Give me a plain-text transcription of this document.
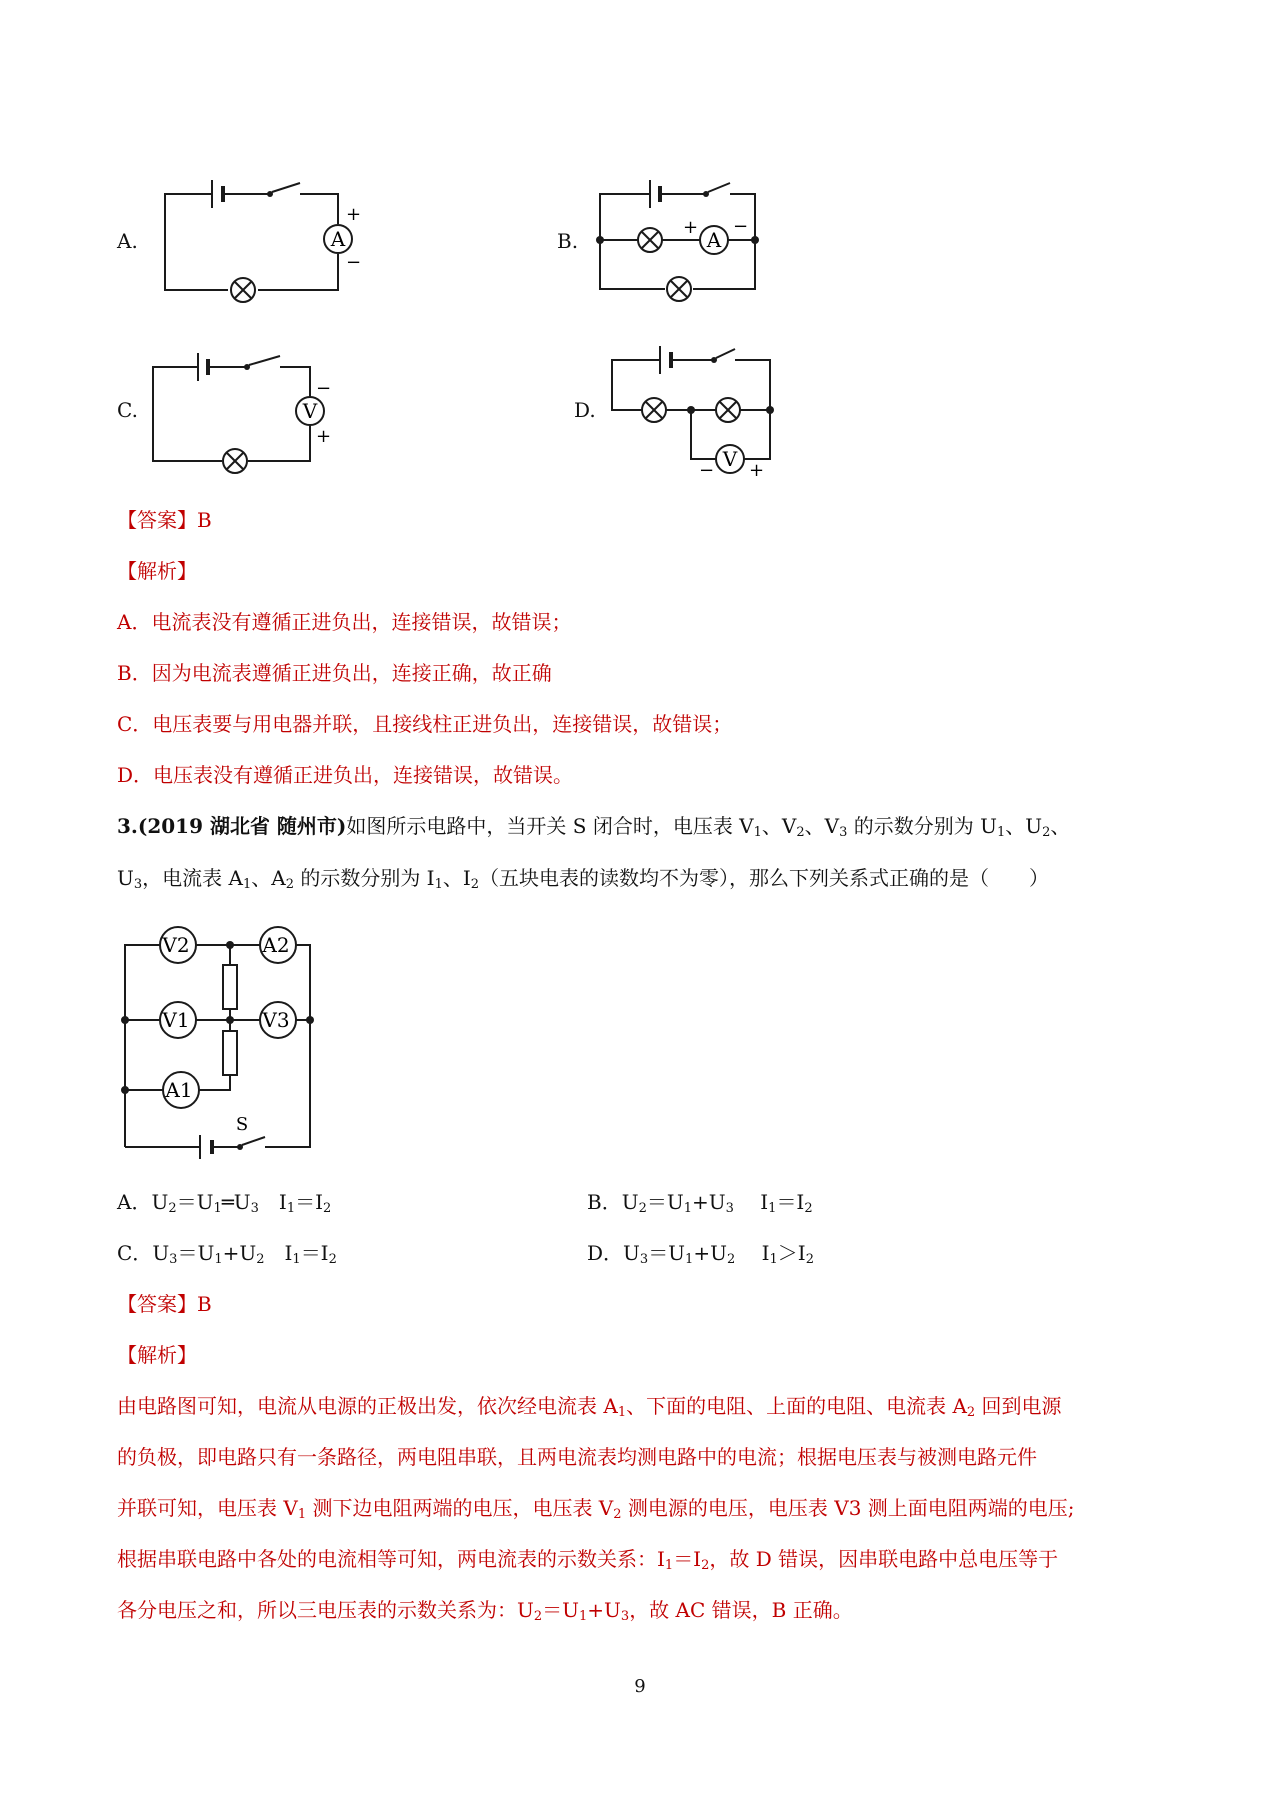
A.	B.
C.	D.
A
+
−
A
+ −
V
−
+
V
− +
【答案】B
【解析】
A．电流表没有遵循正进负出，连接错误，故错误；
B．因为电流表遵循正进负出，连接正确，故正确
C．电压表要与用电器并联，且接线柱正进负出，连接错误，故错误；
D．电压表没有遵循正进负出，连接错误，故错误。
3.(2019 湖北省 随州市)如图所示电路中，当开关 S 闭合时，电压表 $V_1$、$V_2$、$V_3$ 的示数分别为 $U_1$、$U_2$、
$U_3$，电流表 $A_1$、$A_2$ 的示数分别为 $I_1$、$I_2$（五块电表的读数均不为零），那么下列关系式正确的是（　　）
S
V2	A2
V1	V3
A1
A．$U_2=U_1═U_3$　$I_1=I_2$	B．$U_2=U_1+U_3$　 $I_1=I_2$
C．$U_3=U_1+U_2$　$I_1=I_2$	D．$U_3=U_1+U_2$　 $I_1>I_2$
【答案】B
【解析】
由电路图可知，电流从电源的正极出发，依次经电流表 $A_1$、下面的电阻、上面的电阻、电流表 $A_2$ 回到电源
的负极，即电路只有一条路径，两电阻串联，且两电流表均测电路中的电流；根据电压表与被测电路元件
并联可知，电压表 $V_1$ 测下边电阻两端的电压，电压表 $V_2$ 测电源的电压，电压表 V3 测上面电阻两端的电压;
根据串联电路中各处的电流相等可知，两电流表的示数关系：$I_1=I_2$，故 D 错误，因串联电路中总电压等于
各分电压之和，所以三电压表的示数关系为：$U_2=U_1+U_3$，故 AC 错误，B 正确。
9
